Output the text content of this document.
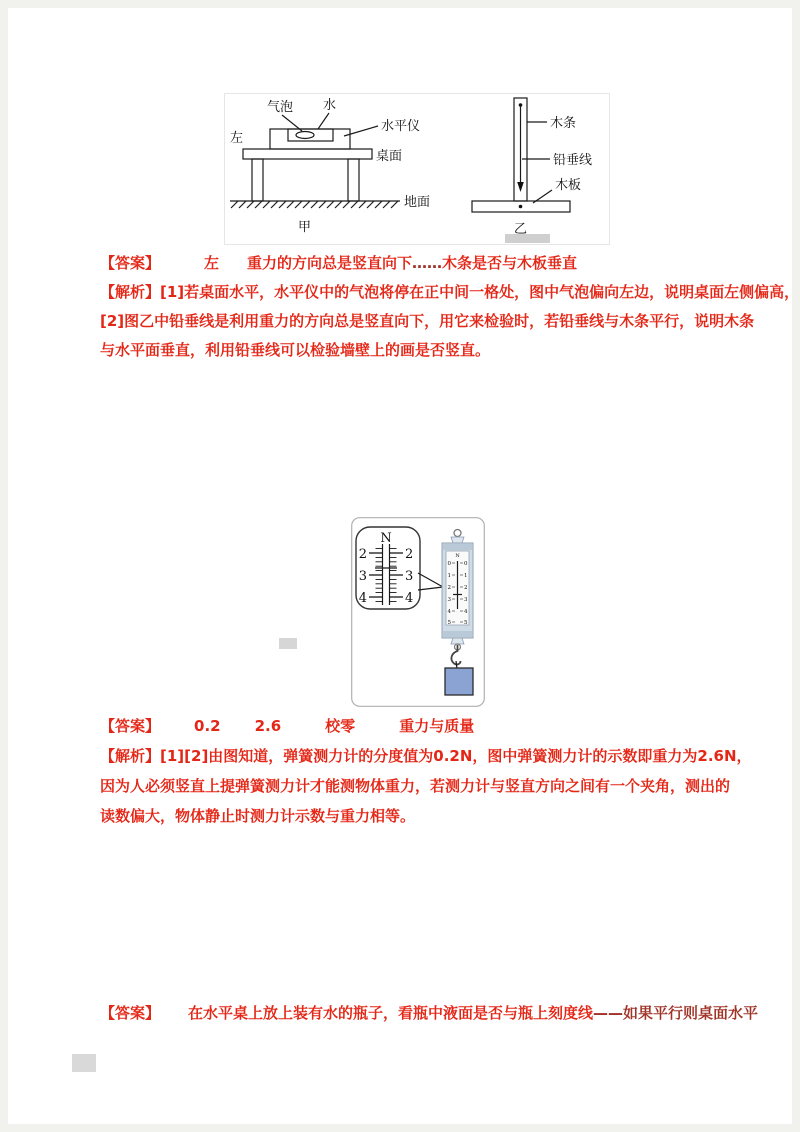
气泡 水
水平仪
左
桌面
地面
甲
木条
铅垂线
木板
乙
【答案】	左 重力的方向总是竖直向下……木条是否与木板垂直
【解析】[1]若桌面水平，水平仪中的气泡将停在正中间一格处，图中气泡偏向左边，说明桌面左侧偏高，
[2]图乙中铅垂线是利用重力的方向总是竖直向下，用它来检验时，若铅垂线与木条平行，说明木条
与水平面垂直，利用铅垂线可以检验墙壁上的画是否竖直。
N
2
3
4
2
3
4
N
0
1
2
3
4
5
0
1
2
3
4
5
【答案】 0.2 2.6	校零	重力与质量
【解析】[1][2]由图知道，弹簧测力计的分度值为0.2N，图中弹簧测力计的示数即重力为2.6N，
因为人必须竖直上提弹簧测力计才能测物体重力，若测力计与竖直方向之间有一个夹角，测出的
读数偏大，物体静止时测力计示数与重力相等。
【答案】 在水平桌上放上装有水的瓶子，看瓶中液面是否与瓶上刻度线——如果平行则桌面水平
